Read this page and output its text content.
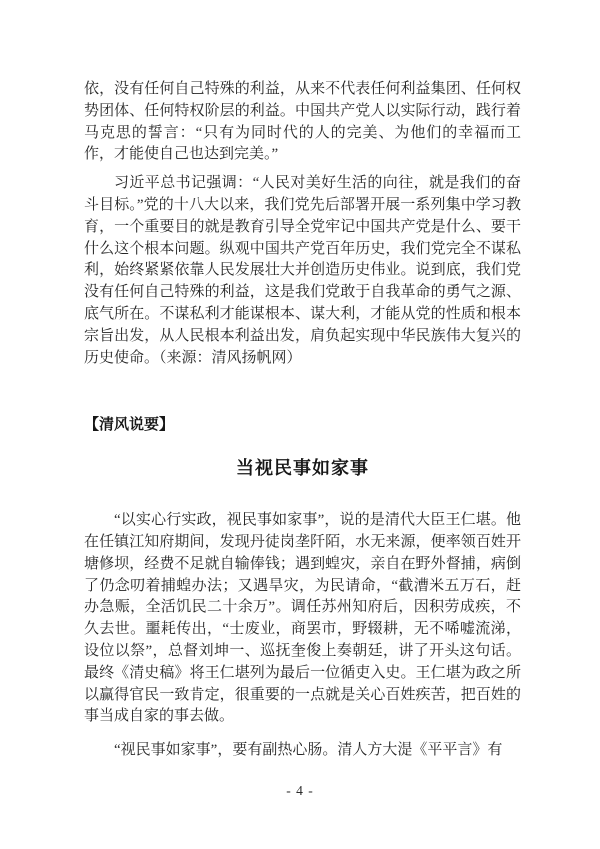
依，没有任何自己特殊的利益，从来不代表任何利益集团、任何权势团体、任何特权阶层的利益。中国共产党人以实际行动，践行着马克思的誓言：“只有为同时代的人的完美、为他们的幸福而工作，才能使自己也达到完美。”

习近平总书记强调：“人民对美好生活的向往，就是我们的奋斗目标。”党的十八大以来，我们党先后部署开展一系列集中学习教育，一个重要目的就是教育引导全党牢记中国共产党是什么、要干什么这个根本问题。纵观中国共产党百年历史，我们党完全不谋私利，始终紧紧依靠人民发展壮大并创造历史伟业。说到底，我们党没有任何自己特殊的利益，这是我们党敢于自我革命的勇气之源、底气所在。不谋私利才能谋根本、谋大利，才能从党的性质和根本宗旨出发，从人民根本利益出发，肩负起实现中华民族伟大复兴的历史使命。（来源：清风扬帆网）

【清风说要】
当视民事如家事

“以实心行实政，视民事如家事”，说的是清代大臣王仁堪。他在任镇江知府期间，发现丹徒岗垄阡陌，水无来源，便率领百姓开塘修坝，经费不足就自输俸钱；遇到蝗灾，亲自在野外督捕，病倒了仍念叨着捕蝗办法；又遇旱灾，为民请命，“截漕米五万石，赶办急赈，全活饥民二十余万”。调任苏州知府后，因积劳成疾，不久去世。噩耗传出，“士废业，商罢市，野辍耕，无不唏嘘流涕，设位以祭”，总督刘坤一、巡抚奎俊上奏朝廷，讲了开头这句话。最终《清史稿》将王仁堪列为最后一位循吏入史。王仁堪为政之所以赢得官民一致肯定，很重要的一点就是关心百姓疾苦，把百姓的事当成自家的事去做。

“视民事如家事”，要有副热心肠。清人方大湜《平平言》有

- 4 -
